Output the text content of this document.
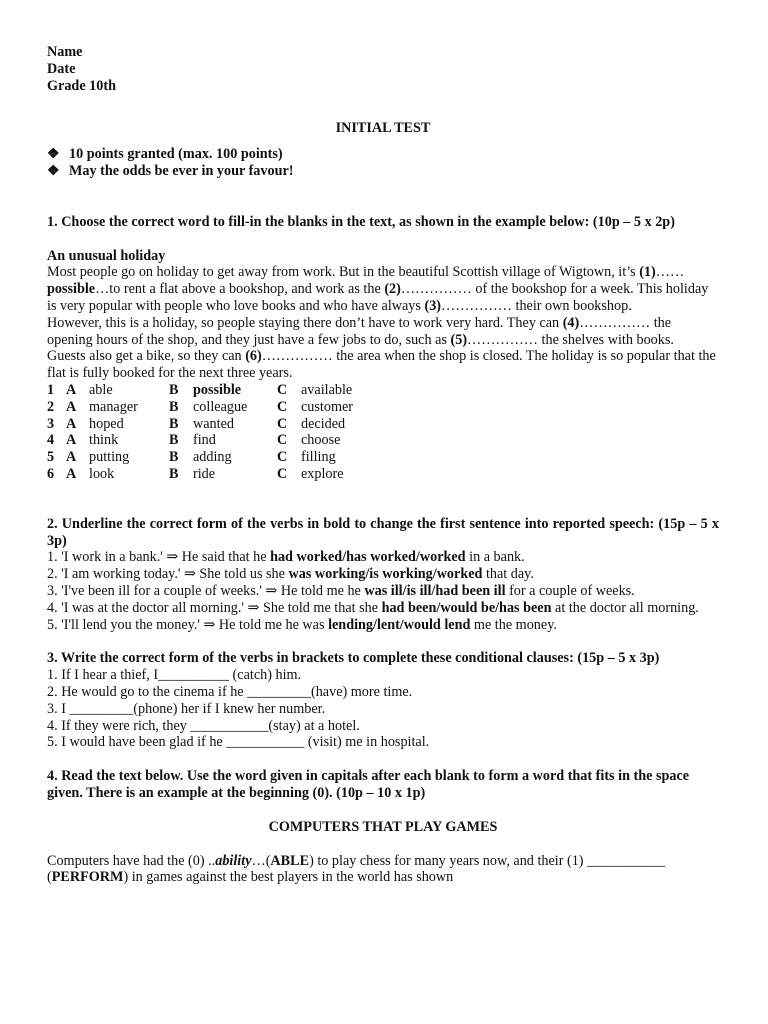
Name
Date
Grade 10th
INITIAL TEST
❖ 10 points granted (max. 100 points)
❖ May the odds be ever in your favour!

1. Choose the correct word to fill-in the blanks in the text, as shown in the example below: (10p – 5 x 2p)

An unusual holiday

Most people go on holiday to get away from work. But in the beautiful Scottish village of Wigtown, it’s (1)……possible…to rent a flat above a bookshop, and work as the (2)…………… of the bookshop for a week. This holiday is very popular with people who love books and who have always (3)…………… their own bookshop.

However, this is a holiday, so people staying there don’t have to work very hard. They can (4)…………… the opening hours of the shop, and they just have a few jobs to do, such as (5)…………… the shelves with books.

Guests also get a bike, so they can (6)…………… the area when the shop is closed. The holiday is so popular that the flat is fully booked for the next three years.

1	A	able	B	possible	C	available
2	A	manager	B	colleague	C	customer
3	A	hoped	B	wanted	C	decided
4	A	think	B	find	C	choose
5	A	putting	B	adding	C	filling
6	A	look	B	ride	C	explore

2. Underline the correct form of the verbs in bold to change the first sentence into reported speech: (15p – 5 x 3p)

1. 'I work in a bank.' ⇒ He said that he had worked/has worked/worked in a bank.

2. 'I am working today.' ⇒ She told us she was working/is working/worked that day.

3. 'I've been ill for a couple of weeks.' ⇒ He told me he was ill/is ill/had been ill for a couple of weeks.

4. 'I was at the doctor all morning.' ⇒ She told me that she had been/would be/has been at the doctor all morning.

5. 'I'll lend you the money.' ⇒ He told me he was lending/lent/would lend me the money.

3. Write the correct form of the verbs in brackets to complete these conditional clauses: (15p – 5 x 3p)

1. If I hear a thief, I__________ (catch) him.

2. He would go to the cinema if he _________(have) more time.

3. I _________(phone) her if I knew her number.

4. If they were rich, they ___________(stay) at a hotel.

5. I would have been glad if he ___________ (visit) me in hospital.

4. Read the text below. Use the word given in capitals after each blank to form a word that fits in the space given. There is an example at the beginning (0). (10p – 10 x 1p)

COMPUTERS THAT PLAY GAMES

Computers have had the (0) ..ability…(ABLE) to play chess for many years now, and their (1) ___________ (PERFORM) in games against the best players in the world has shown
